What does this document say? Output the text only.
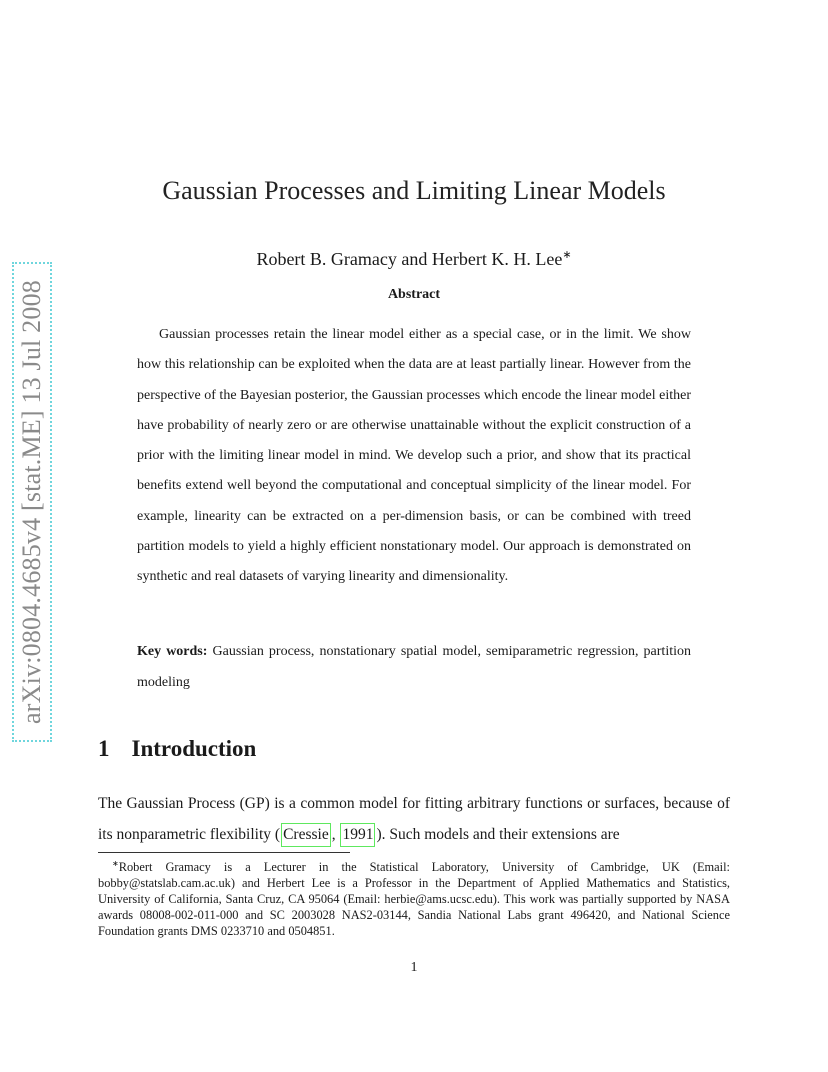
arXiv:0804.4685v4 [stat.ME] 13 Jul 2008
Gaussian Processes and Limiting Linear Models
Robert B. Gramacy and Herbert K. H. Lee∗
Abstract

Gaussian processes retain the linear model either as a special case, or in the limit. We show how this relationship can be exploited when the data are at least partially linear. However from the perspective of the Bayesian posterior, the Gaussian processes which encode the linear model either have probability of nearly zero or are otherwise unattainable without the explicit construction of a prior with the limiting linear model in mind. We develop such a prior, and show that its practical benefits extend well beyond the computational and conceptual simplicity of the linear model. For example, linearity can be extracted on a per-dimension basis, or can be combined with treed partition models to yield a highly efficient nonstationary model. Our approach is demonstrated on synthetic and real datasets of varying linearity and dimensionality.

Key words: Gaussian process, nonstationary spatial model, semiparametric regression, partition modeling

1 Introduction

The Gaussian Process (GP) is a common model for fitting arbitrary functions or surfaces, because of its nonparametric flexibility ( Cressie , 1991 ). Such models and their extensions are

∗Robert Gramacy is a Lecturer in the Statistical Laboratory, University of Cambridge, UK (Email: bobby@statslab.cam.ac.uk) and Herbert Lee is a Professor in the Department of Applied Mathematics and Statistics, University of California, Santa Cruz, CA 95064 (Email: herbie@ams.ucsc.edu). This work was partially supported by NASA awards 08008-002-011-000 and SC 2003028 NAS2-03144, Sandia National Labs grant 496420, and National Science Foundation grants DMS 0233710 and 0504851.

1
